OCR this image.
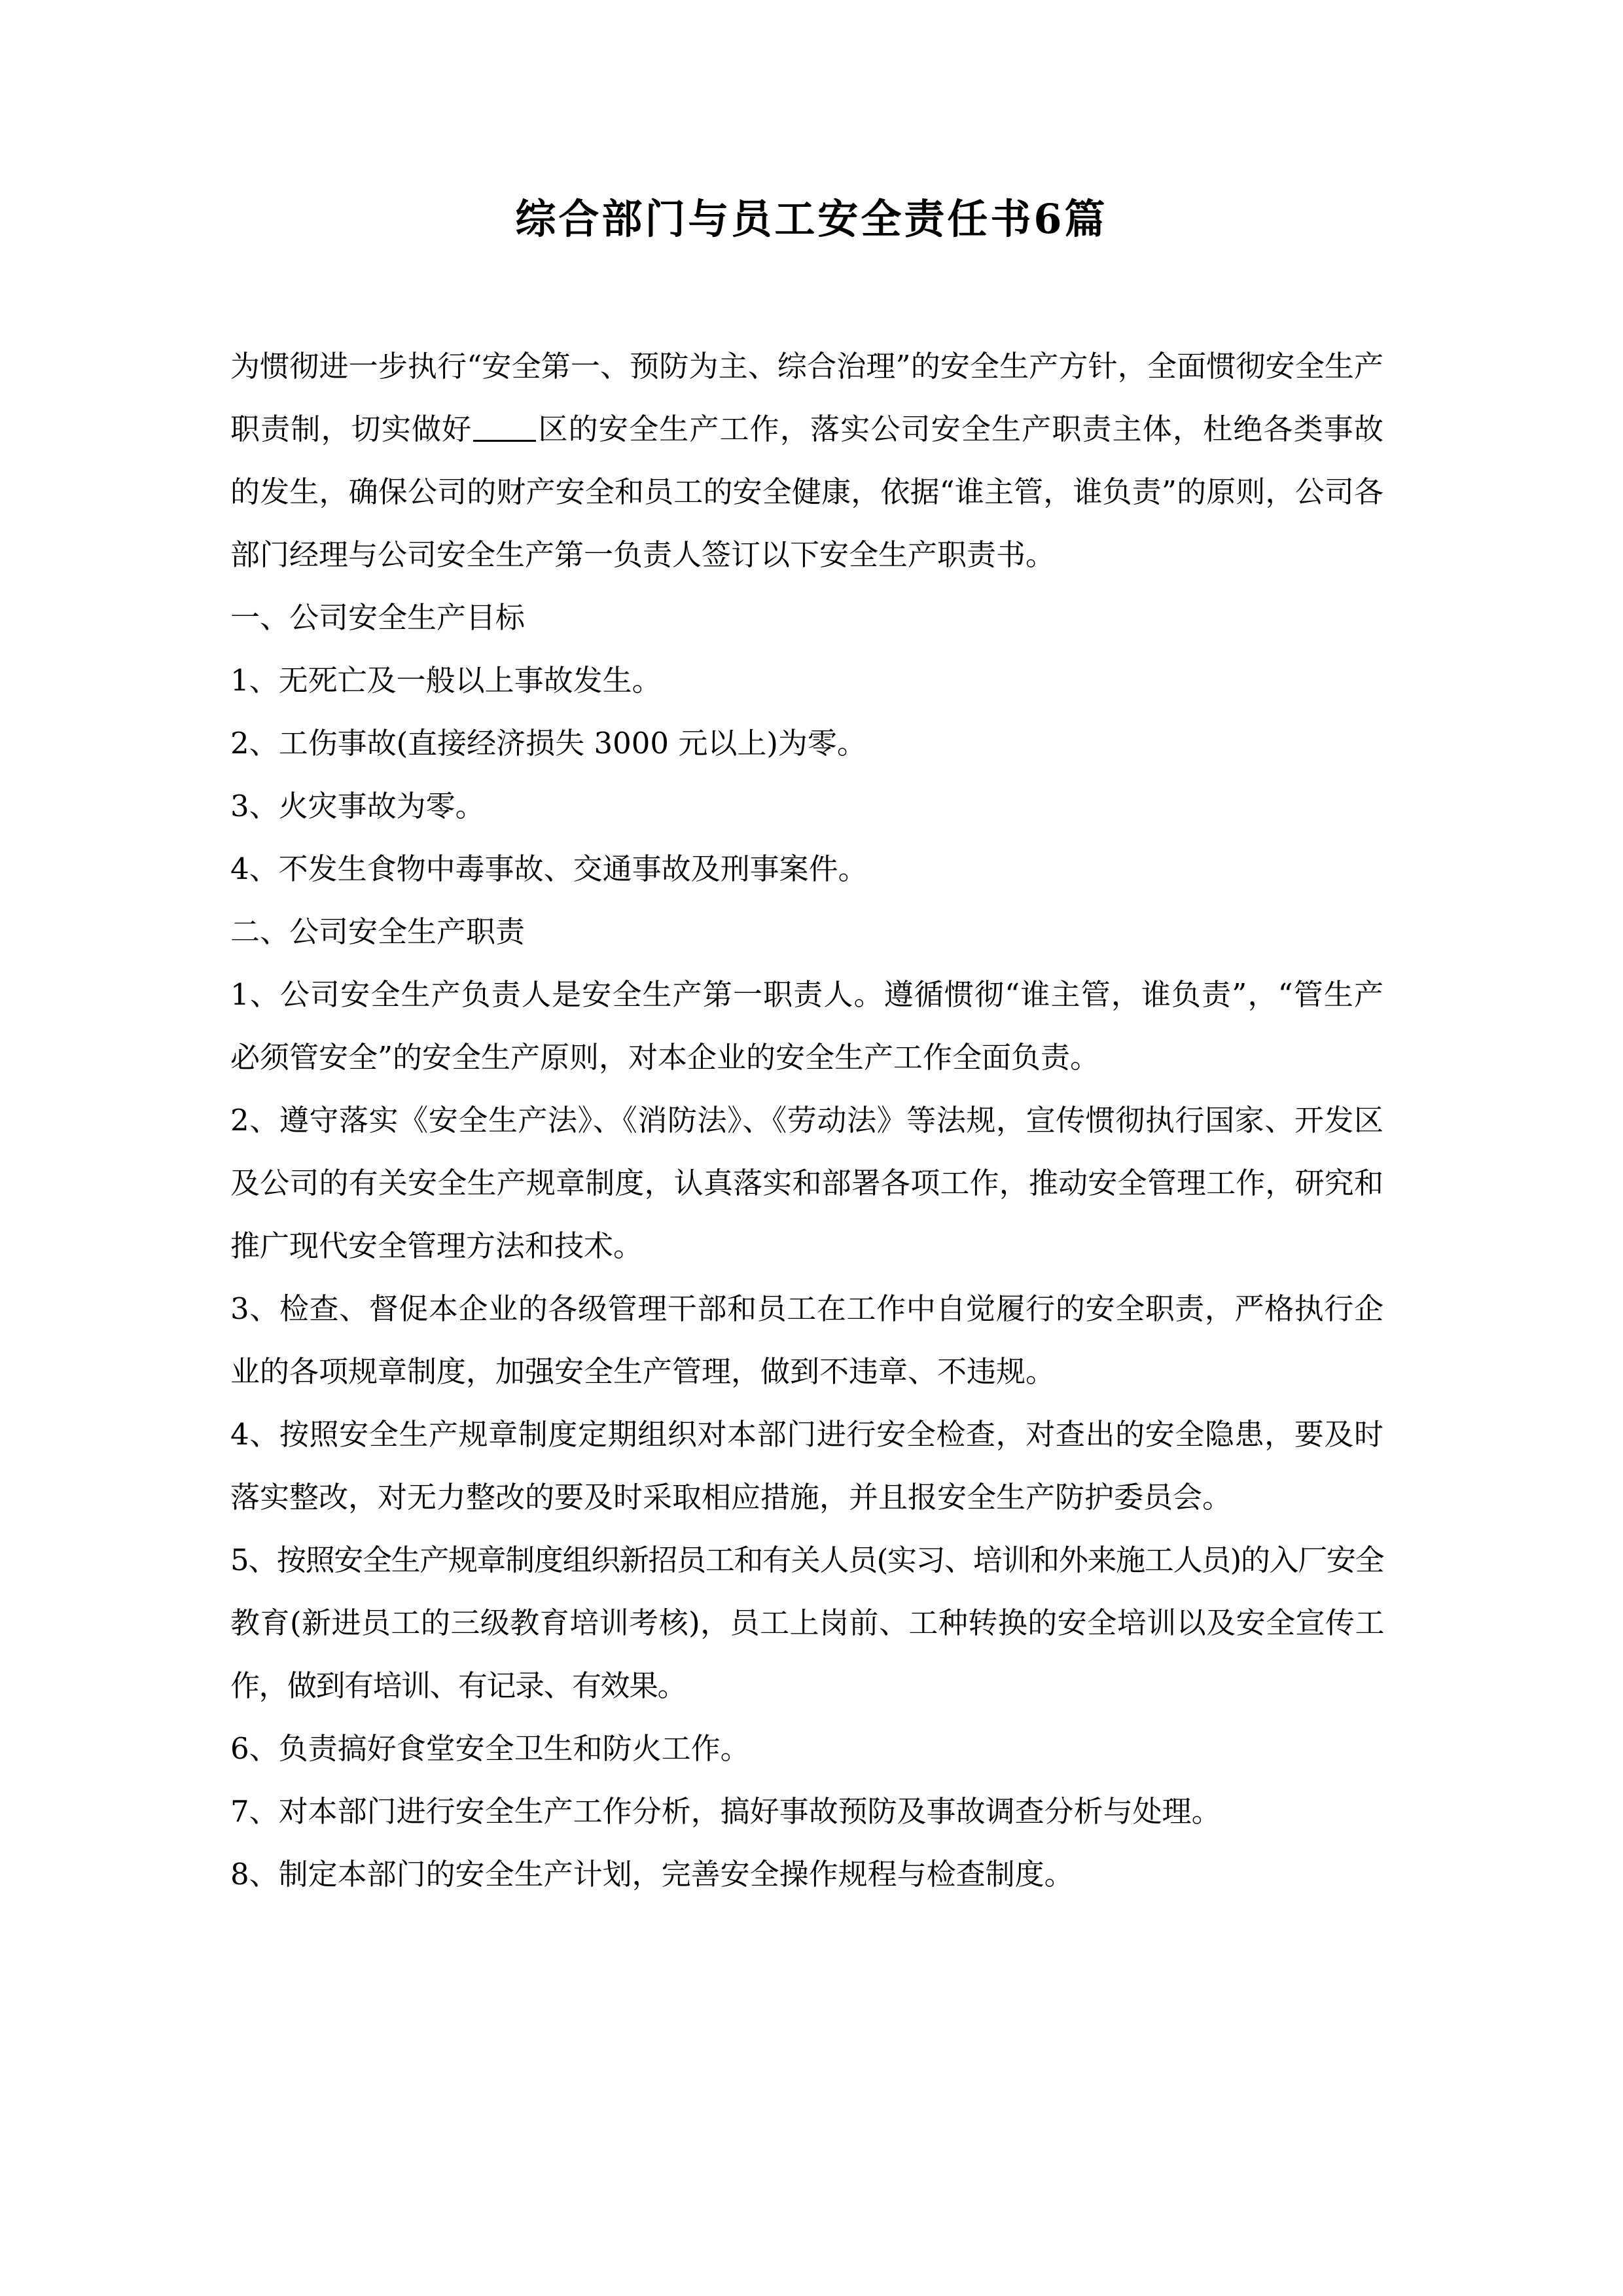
综合部门与员工安全责任书6篇

为惯彻进一步执行“安全第一、预防为主、综合治理”的安全生产方针，全面惯彻安全生产职责制，切实做好 区的安全生产工作，落实公司安全生产职责主体，杜绝各类事故的发生，确保公司的财产安全和员工的安全健康，依据“谁主管，谁负责”的原则，公司各部门经理与公司安全生产第一负责人签订以下安全生产职责书。

一、公司安全生产目标

1、无死亡及一般以上事故发生。

2、工伤事故(直接经济损失 3000 元以上)为零。

3、火灾事故为零。

4、不发生食物中毒事故、交通事故及刑事案件。

二、公司安全生产职责

1、公司安全生产负责人是安全生产第一职责人。遵循惯彻“谁主管，谁负责”，“管生产必须管安全”的安全生产原则，对本企业的安全生产工作全面负责。

2、遵守落实《安全生产法》、《消防法》、《劳动法》等法规，宣传惯彻执行国家、开发区及公司的有关安全生产规章制度，认真落实和部署各项工作，推动安全管理工作，研究和推广现代安全管理方法和技术。

3、检查、督促本企业的各级管理干部和员工在工作中自觉履行的安全职责，严格执行企业的各项规章制度，加强安全生产管理，做到不违章、不违规。

4、按照安全生产规章制度定期组织对本部门进行安全检查，对查出的安全隐患，要及时落实整改，对无力整改的要及时采取相应措施，并且报安全生产防护委员会。

5、按照安全生产规章制度组织新招员工和有关人员(实习、培训和外来施工人员)的入厂安全教育(新进员工的三级教育培训考核)，员工上岗前、工种转换的安全培训以及安全宣传工作，做到有培训、有记录、有效果。

6、负责搞好食堂安全卫生和防火工作。

7、对本部门进行安全生产工作分析，搞好事故预防及事故调查分析与处理。

8、制定本部门的安全生产计划，完善安全操作规程与检查制度。
